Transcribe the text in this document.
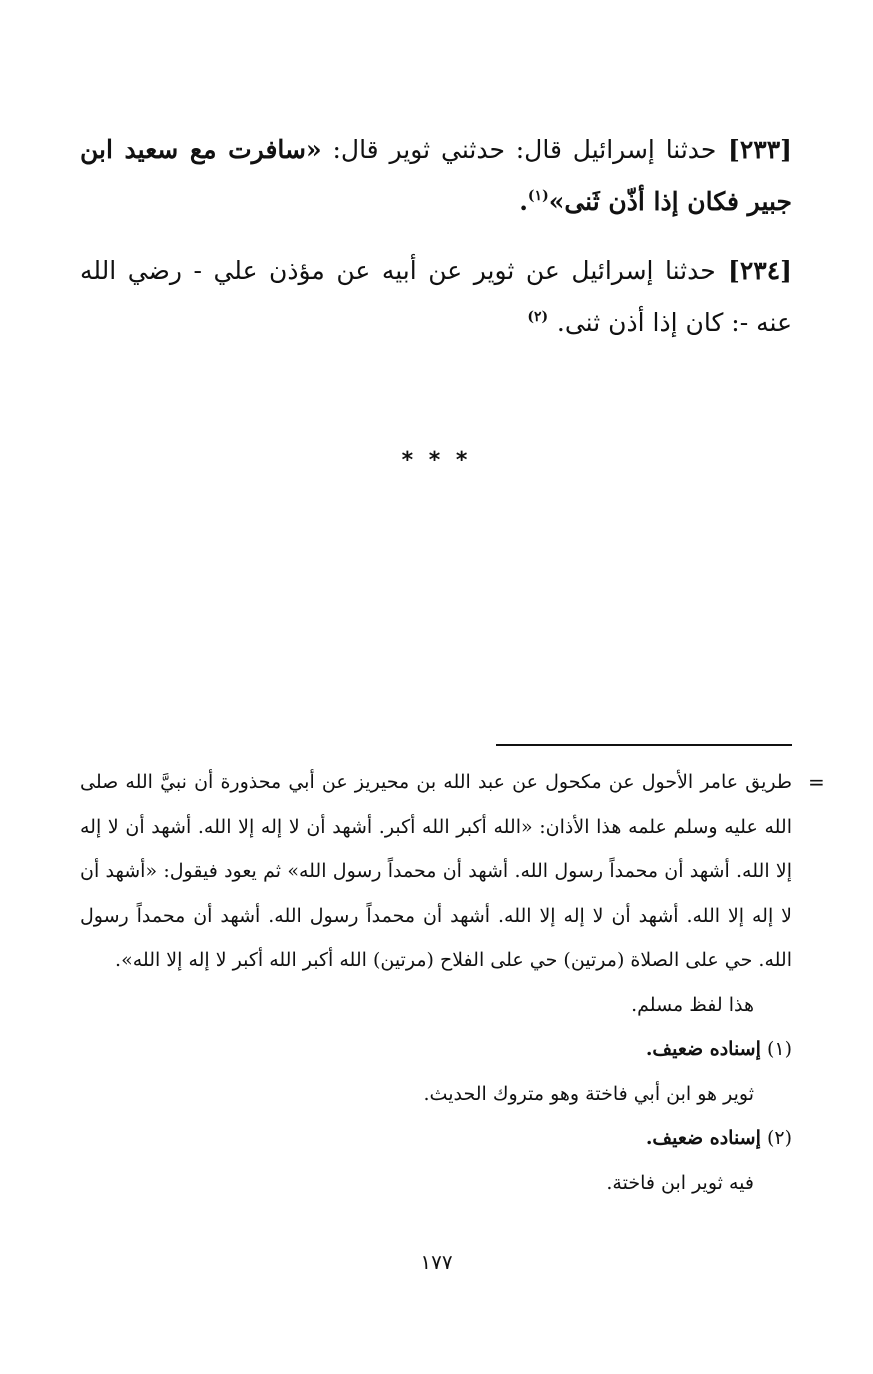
[٢٣٣] حدثنا إسرائيل قال: حدثني ثوير قال: «سافرت مع سعيد ابن جبير فكان إذا أذّن ثَنى»$^{(١)}$.

[٢٣٤] حدثنا إسرائيل عن ثوير عن أبيه عن مؤذن علي - رضي الله عنه -: كان إذا أذن ثنى. $^{(٢)}$

* * *
=

طريق عامر الأحول عن مكحول عن عبد الله بن محيريز عن أبي محذورة أن نبيَّ الله صلى الله عليه وسلم علمه هذا الأذان: «الله أكبر الله أكبر. أشهد أن لا إله إلا الله. أشهد أن لا إله إلا الله. أشهد أن محمداً رسول الله. أشهد أن محمداً رسول الله» ثم يعود فيقول: «أشهد أن لا إله إلا الله. أشهد أن لا إله إلا الله. أشهد أن محمداً رسول الله. أشهد أن محمداً رسول الله. حي على الصلاة (مرتين) حي على الفلاح (مرتين) الله أكبر الله أكبر لا إله إلا الله».

هذا لفظ مسلم.

(١) إسناده ضعيف.

ثوير هو ابن أبي فاختة وهو متروك الحديث.

(٢) إسناده ضعيف.

فيه ثوير ابن فاختة.

١٧٧
